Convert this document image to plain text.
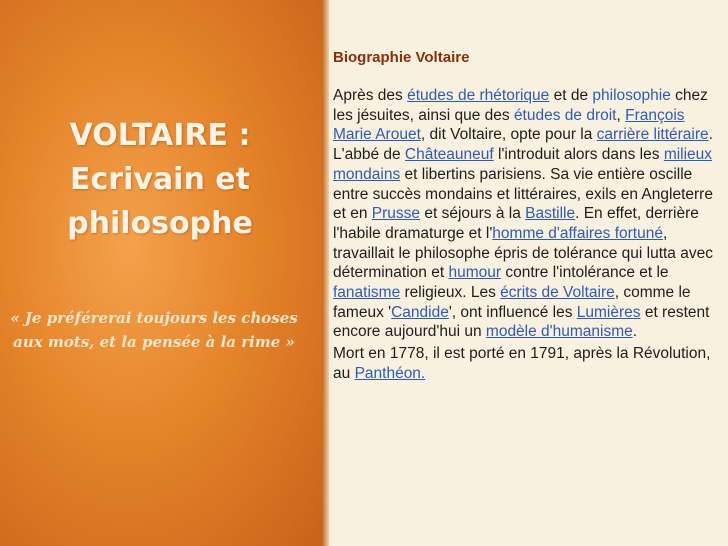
VOLTAIRE :
Ecrivain et
philosophe
« Je préférerai toujours les choses aux mots, et la pensée à la rime »
Biographie Voltaire

Après des études de rhétorique et de philosophie chez les jésuites, ainsi que des études de droit, François Marie Arouet, dit Voltaire, opte pour la carrière littéraire. L'abbé de Châteauneuf l'introduit alors dans les milieux mondains et libertins parisiens. Sa vie entière oscille entre succès mondains et littéraires, exils en Angleterre et en Prusse et séjours à la Bastille. En effet, derrière l'habile dramaturge et l'homme d'affaires fortuné, travaillait le philosophe épris de tolérance qui lutta avec détermination et humour contre l'intolérance et le fanatisme religieux. Les écrits de Voltaire, comme le fameux 'Candide', ont influencé les Lumières et restent encore aujourd'hui un modèle d'humanisme.

Mort en 1778, il est porté en 1791, après la Révolution, au Panthéon.
